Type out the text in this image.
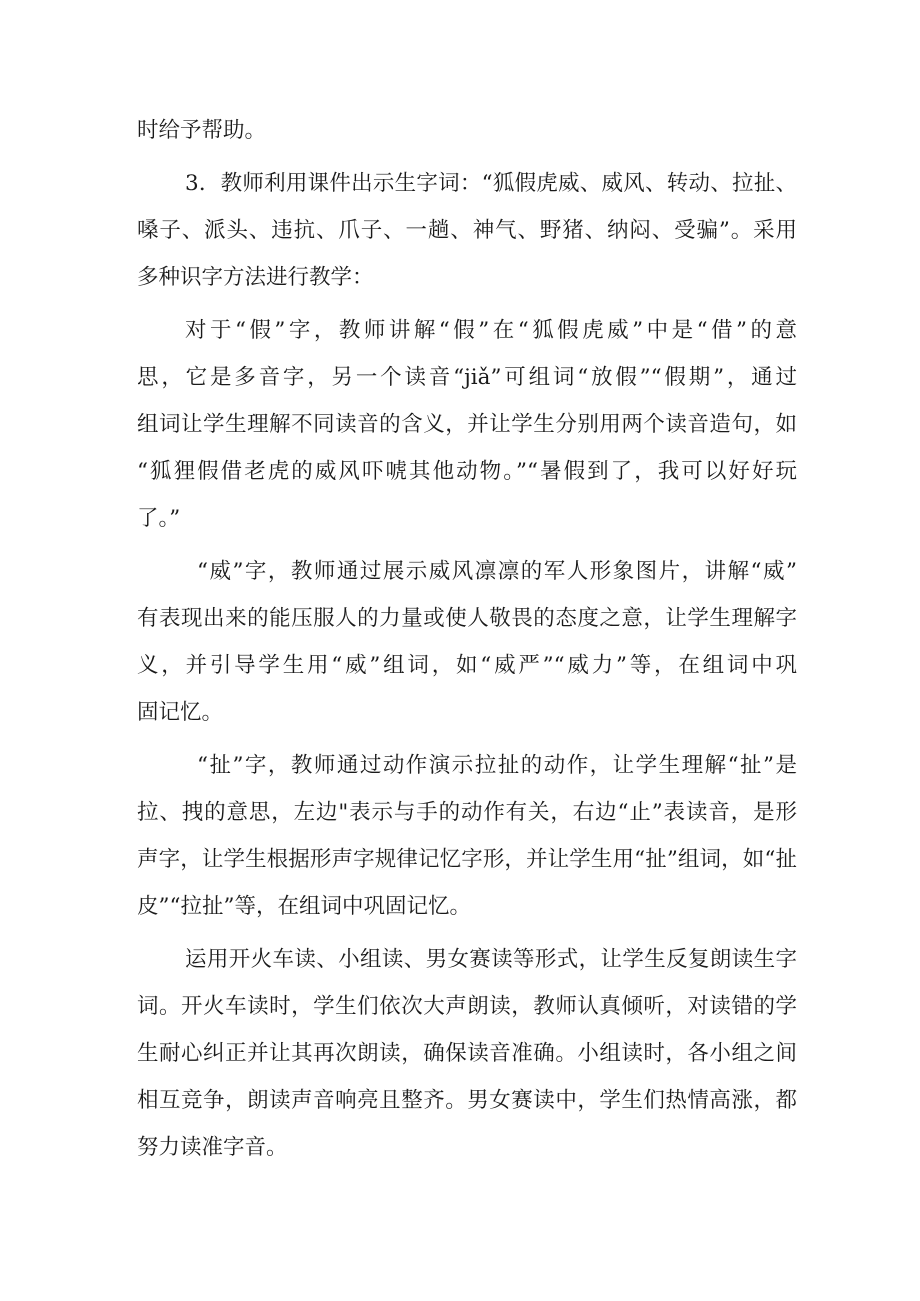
时给予帮助。
3．教师利用课件出示生字词：“狐假虎威、威风、转动、拉扯、
嗓子、派头、违抗、爪子、一趟、神气、野猪、纳闷、受骗”。采用
多种识字方法进行教学：
对于“假”字，教师讲解“假”在“狐假虎威”中是“借”的意
思，它是多音字，另一个读音“jiǎ”可组词“放假”“假期”，通过
组词让学生理解不同读音的含义，并让学生分别用两个读音造句，如
“狐狸假借老虎的威风吓唬其他动物。”“暑假到了，我可以好好玩
了。”
“威”字，教师通过展示威风凛凛的军人形象图片，讲解“威”
有表现出来的能压服人的力量或使人敬畏的态度之意，让学生理解字
义，并引导学生用“威”组词，如“威严”“威力”等，在组词中巩
固记忆。
“扯”字，教师通过动作演示拉扯的动作，让学生理解“扯”是
拉、拽的意思，左边"表示与手的动作有关，右边“止”表读音，是形
声字，让学生根据形声字规律记忆字形，并让学生用“扯”组词，如“扯
皮”“拉扯”等，在组词中巩固记忆。
运用开火车读、小组读、男女赛读等形式，让学生反复朗读生字
词。开火车读时，学生们依次大声朗读，教师认真倾听，对读错的学
生耐心纠正并让其再次朗读，确保读音准确。小组读时，各小组之间
相互竞争，朗读声音响亮且整齐。男女赛读中，学生们热情高涨，都
努力读准字音。
